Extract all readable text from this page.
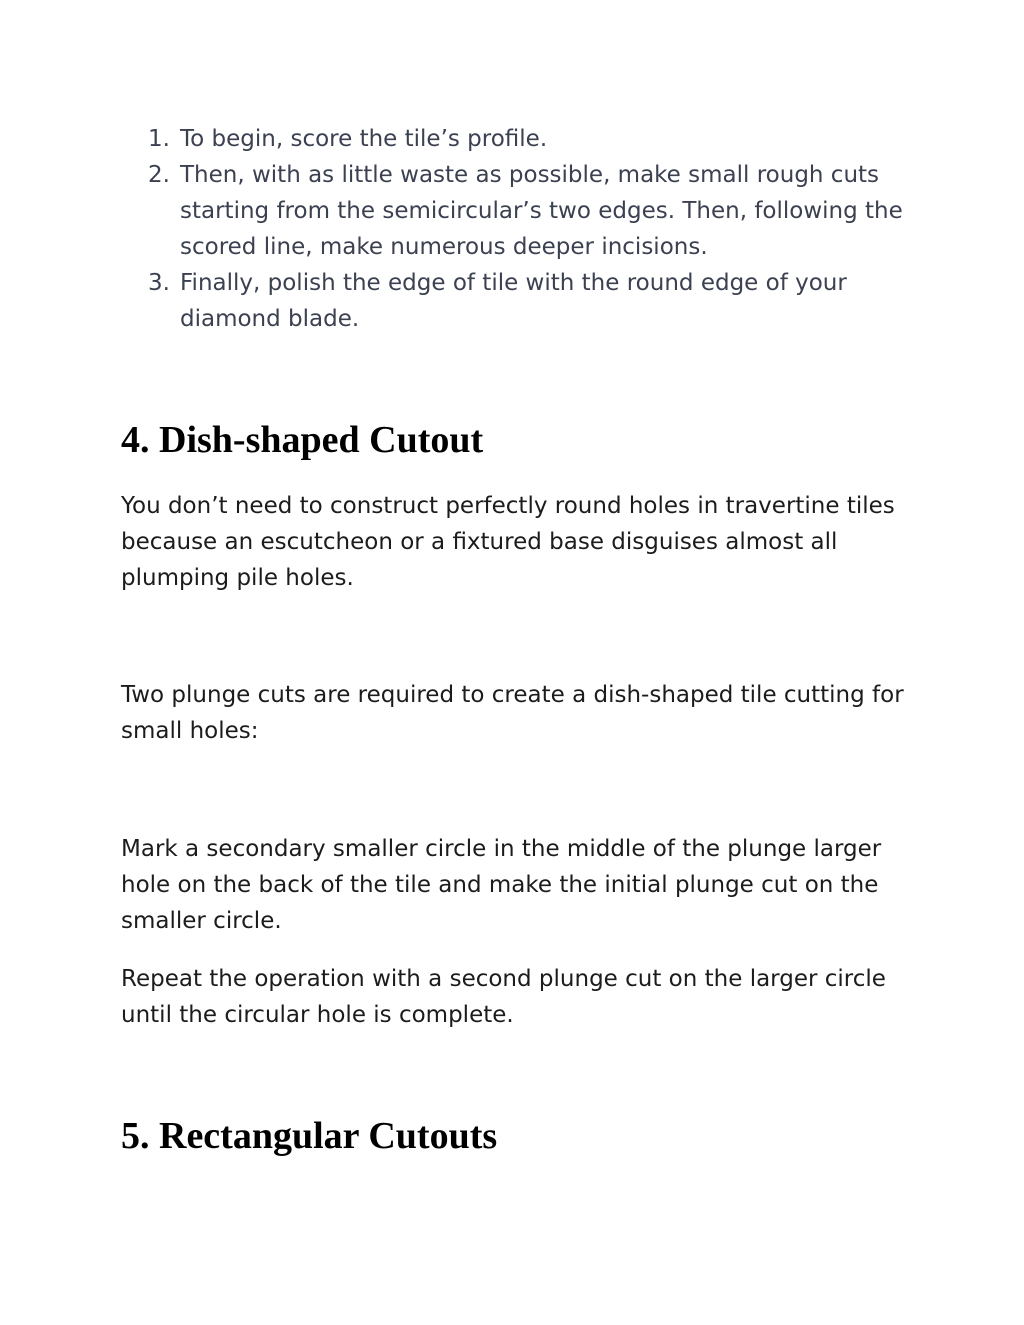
1. To begin, score the tile’s profile.
2. Then, with as little waste as possible, make small rough cuts starting from the semicircular’s two edges. Then, following the scored line, make numerous deeper incisions.
3. Finally, polish the edge of tile with the round edge of your diamond blade.
4. Dish-shaped Cutout

You don’t need to construct perfectly round holes in travertine tiles because an escutcheon or a fixtured base disguises almost all plumping pile holes.

Two plunge cuts are required to create a dish-shaped tile cutting for small holes:

Mark a secondary smaller circle in the middle of the plunge larger hole on the back of the tile and make the initial plunge cut on the smaller circle.

Repeat the operation with a second plunge cut on the larger circle until the circular hole is complete.

5. Rectangular Cutouts
